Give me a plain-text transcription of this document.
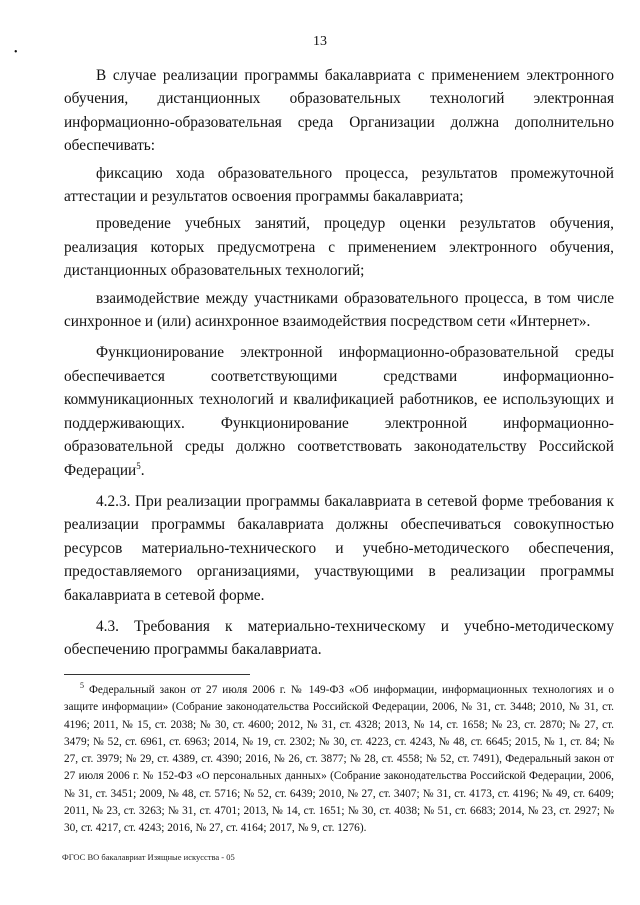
13
•

В случае реализации программы бакалавриата с применением электронного обучения, дистанционных образовательных технологий электронная информационно-образовательная среда Организации должна дополнительно обеспечивать:

фиксацию хода образовательного процесса, результатов промежуточной аттестации и результатов освоения программы бакалавриата;

проведение учебных занятий, процедур оценки результатов обучения, реализация которых предусмотрена с применением электронного обучения, дистанционных образовательных технологий;

взаимодействие между участниками образовательного процесса, в том числе синхронное и (или) асинхронное взаимодействия посредством сети «Интернет».

Функционирование электронной информационно-образовательной среды обеспечивается соответствующими средствами информационно-коммуникационных технологий и квалификацией работников, ее использующих и поддерживающих. Функционирование электронной информационно-образовательной среды должно соответствовать законодательству Российской Федерации$^5$.

4.2.3. При реализации программы бакалавриата в сетевой форме требования к реализации программы бакалавриата должны обеспечиваться совокупностью ресурсов материально-технического и учебно-методического обеспечения, предоставляемого организациями, участвующими в реализации программы бакалавриата в сетевой форме.

4.3. Требования к материально-техническому и учебно-методическому обеспечению программы бакалавриата.

$^5$ Федеральный закон от 27 июля 2006 г. № 149-ФЗ «Об информации, информационных технологиях и о защите информации» (Собрание законодательства Российской Федерации, 2006, № 31, ст. 3448; 2010, № 31, ст. 4196; 2011, № 15, ст. 2038; № 30, ст. 4600; 2012, № 31, ст. 4328; 2013, № 14, ст. 1658; № 23, ст. 2870; № 27, ст. 3479; № 52, ст. 6961, ст. 6963; 2014, № 19, ст. 2302; № 30, ст. 4223, ст. 4243, № 48, ст. 6645; 2015, № 1, ст. 84; № 27, ст. 3979; № 29, ст. 4389, ст. 4390; 2016, № 26, ст. 3877; № 28, ст. 4558; № 52, ст. 7491), Федеральный закон от 27 июля 2006 г. № 152-ФЗ «О персональных данных» (Собрание законодательства Российской Федерации, 2006, № 31, ст. 3451; 2009, № 48, ст. 5716; № 52, ст. 6439; 2010, № 27, ст. 3407; № 31, ст. 4173, ст. 4196; № 49, ст. 6409; 2011, № 23, ст. 3263; № 31, ст. 4701; 2013, № 14, ст. 1651; № 30, ст. 4038; № 51, ст. 6683; 2014, № 23, ст. 2927; № 30, ст. 4217, ст. 4243; 2016, № 27, ст. 4164; 2017, № 9, ст. 1276).

ФГОС ВО бакалавриат Изящные искусства - 05
